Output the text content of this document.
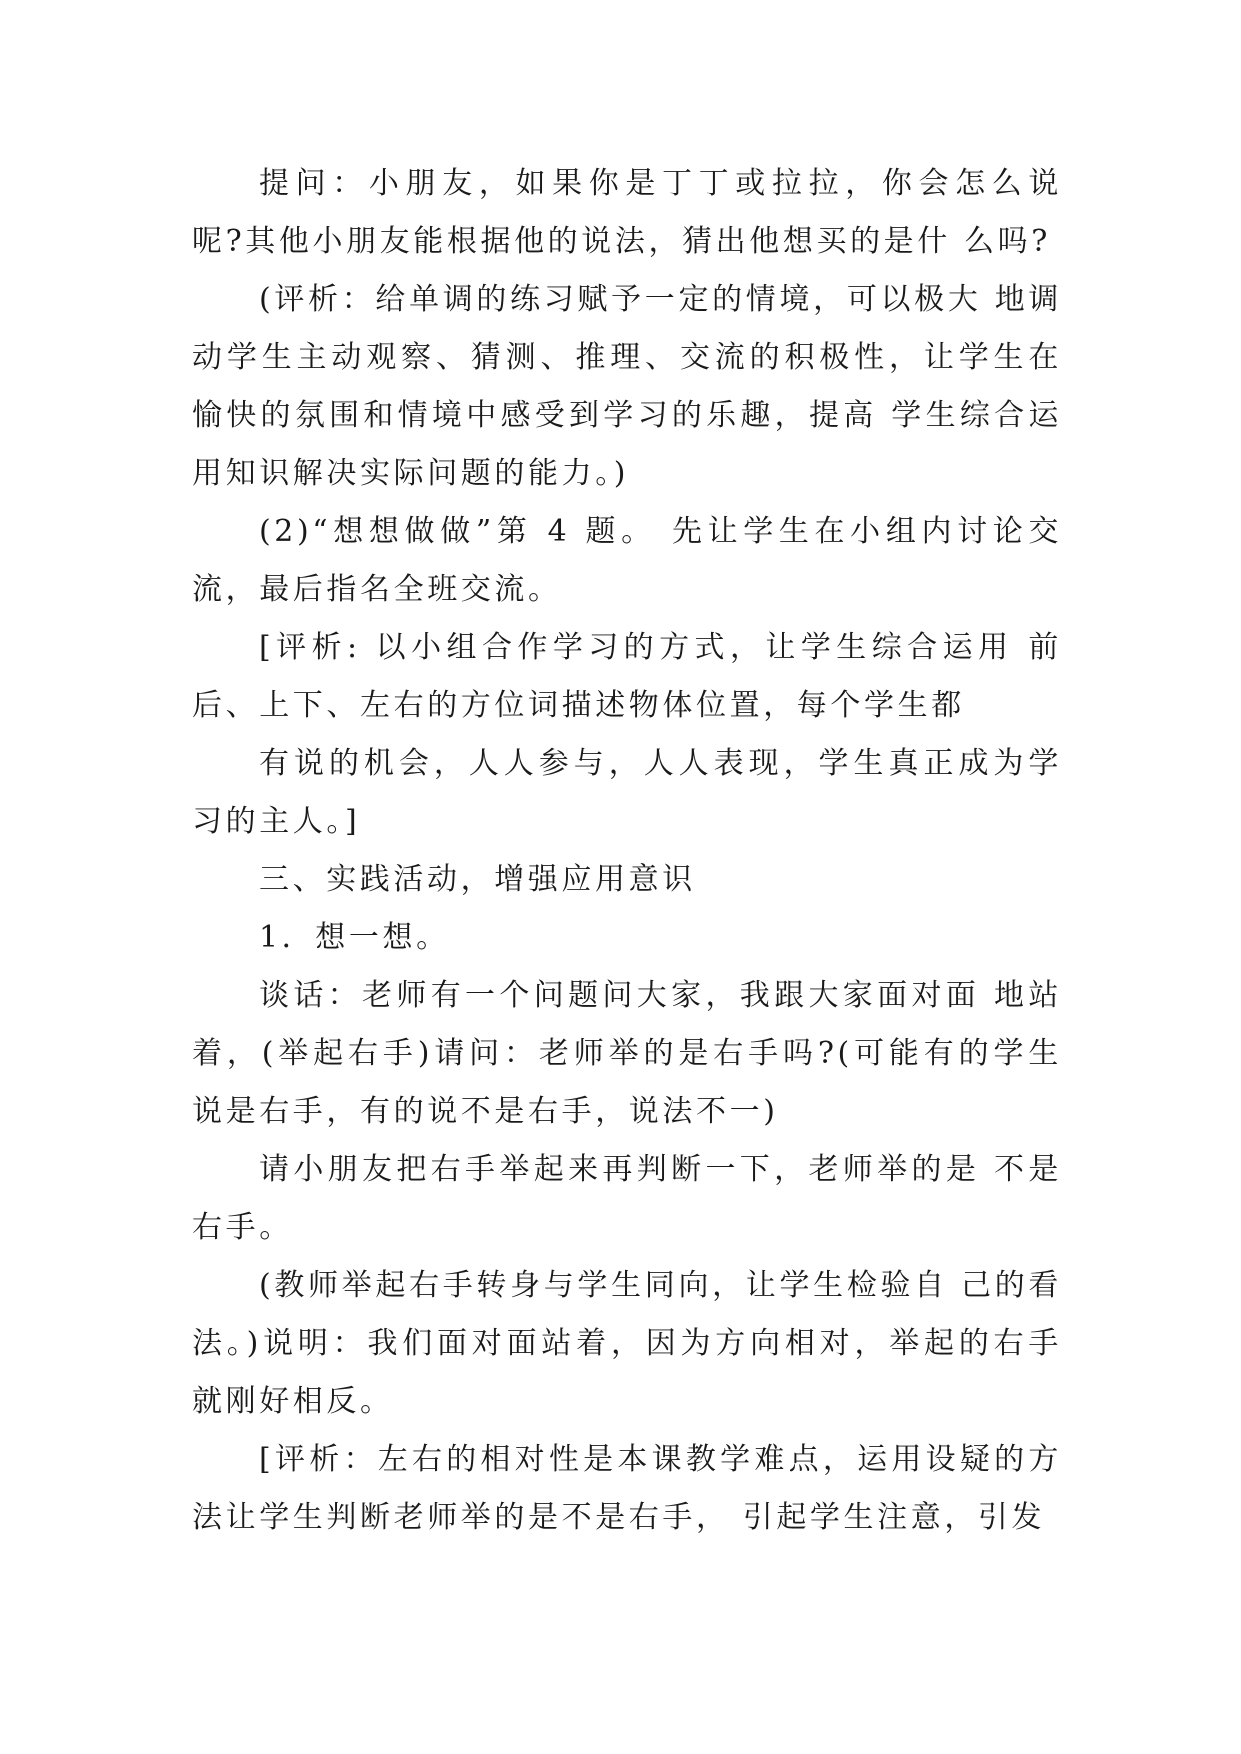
提问：小朋友，如果你是丁丁或拉拉，你会怎么说 呢?其他小朋友能根据他的说法，猜出他想买的是什 么吗?

(评析：给单调的练习赋予一定的情境，可以极大 地调动学生主动观察、猜测、推理、交流的积极性，让学生在愉快的氛围和情境中感受到学习的乐趣，提高 学生综合运用知识解决实际问题的能力。)

(2)“想想做做”第 4 题。 先让学生在小组内讨论交流，最后指名全班交流。

[评析: 以小组合作学习的方式，让学生综合运用 前后、上下、左右的方位词描述物体位置，每个学生都

有说的机会，人人参与，人人表现，学生真正成为学习的主人。]

三、实践活动，增强应用意识

1．想一想。

谈话：老师有一个问题问大家，我跟大家面对面 地站着，(举起右手)请问：老师举的是右手吗?(可能有的学生说是右手，有的说不是右手，说法不一)

请小朋友把右手举起来再判断一下，老师举的是 不是右手。

(教师举起右手转身与学生同向，让学生检验自 己的看法。)说明：我们面对面站着，因为方向相对，举起的右手就刚好相反。

[评析：左右的相对性是本课教学难点，运用设疑的方法让学生判断老师举的是不是右手， 引起学生注意，引发
